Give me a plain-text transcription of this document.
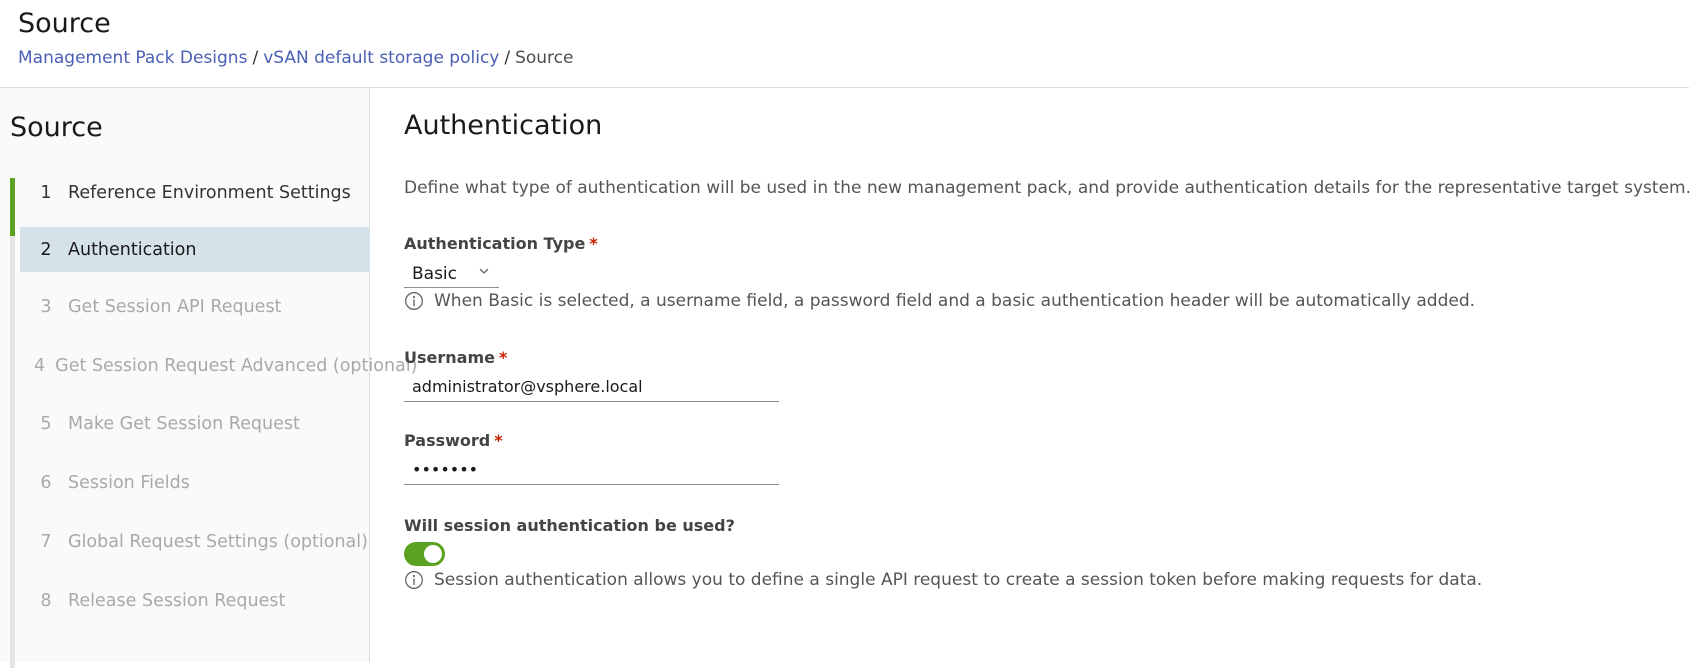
Source
Management Pack Designs / vSAN default storage policy / Source
Source
1 Reference Environment Settings
2 Authentication
3 Get Session API Request
4 Get Session Request Advanced (optional)
5 Make Get Session Request
6 Session Fields
7 Global Request Settings (optional)
8 Release Session Request
Authentication
Define what type of authentication will be used in the new management pack, and provide authentication details for the representative target system.
Authentication Type *
Basic
When Basic is selected, a username field, a password field and a basic authentication header will be automatically added.
Username *
administrator@vsphere.local
Password *
•••••••
Will session authentication be used?
Session authentication allows you to define a single API request to create a session token before making requests for data.
